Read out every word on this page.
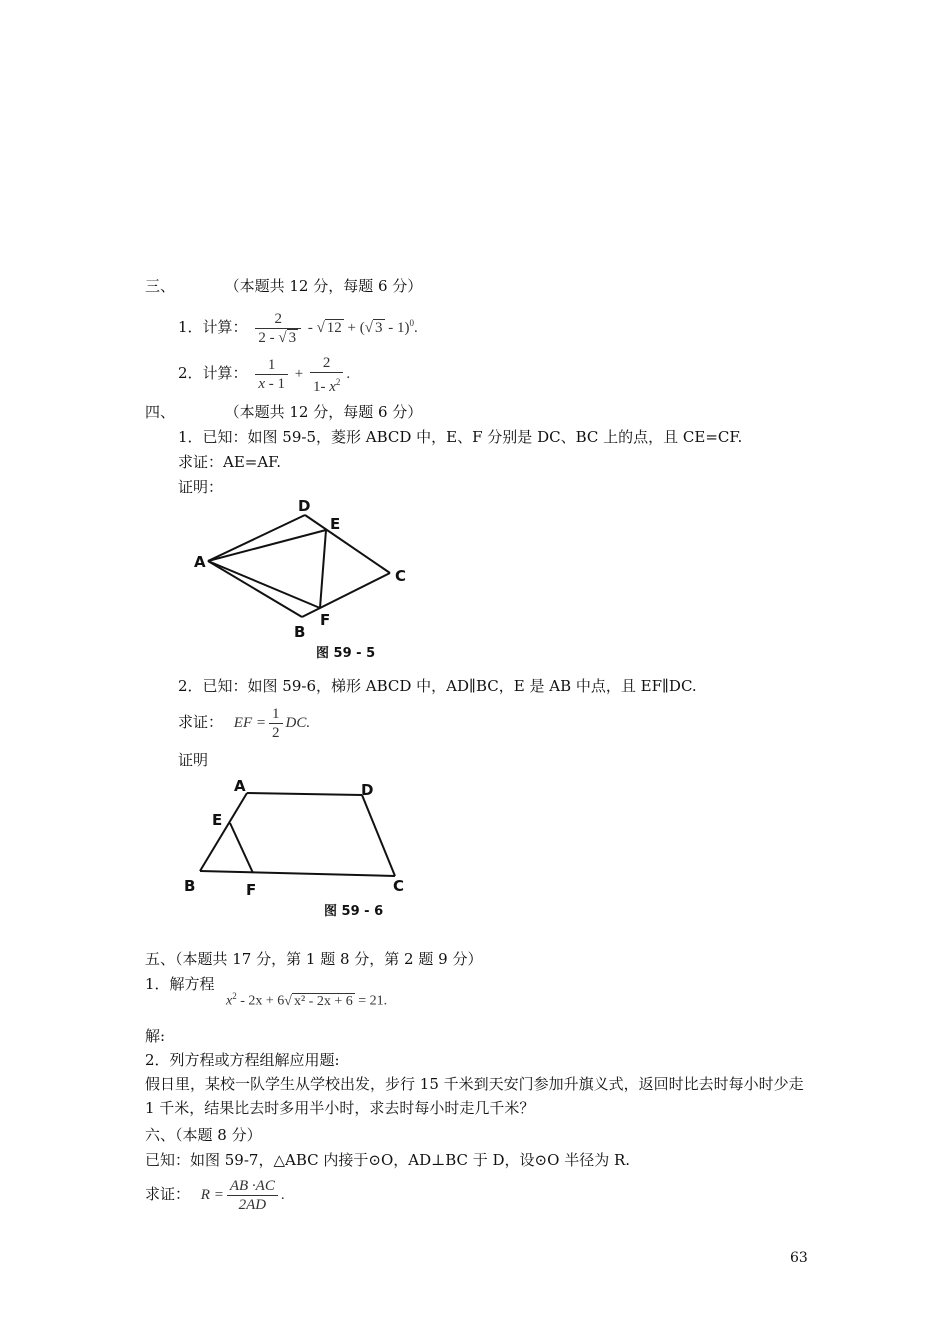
三、	（本题共 12 分，每题 6 分）
1．计算： $\frac{2}{2 - √ 3}$ - √ 12 + (√ 3 - 1)$^0$.
2．计算： $\frac{1}{x - 1} + \frac{2}{1- x^2}$ .
四、	（本题共 12 分，每题 6 分）
1．已知：如图 59-5，菱形 ABCD 中，E、F 分别是 DC、BC 上的点，且 CE=CF.
求证：AE=AF.
证明：
A
D
E
C
B
F
图 59 - 5
2．已知：如图 59-6，梯形 ABCD 中，AD∥BC，E 是 AB 中点，且 EF∥DC.
求证： EF = $\frac{1}{2}$ DC.
证明
A	D
E
B	F	C
图 59 - 6
五、（本题共 17 分，第 1 题 8 分，第 2 题 9 分）
1．解方程
$x^2 - 2x + 6√$ x² - 2x + 6 = 21.
解:
2．列方程或方程组解应用题:
假日里，某校一队学生从学校出发，步行 15 千米到天安门参加升旗义式，返回时比去时每小时少走 1 千米，结果比去时多用半小时，求去时每小时走几千米？
六、（本题 8 分）
已知：如图 59-7，△ABC 内接于⊙O，AD⊥BC 于 D，设⊙O 半径为 R.
求证： $R = \frac{AB \cdot AC}{2AD}$ .
63
